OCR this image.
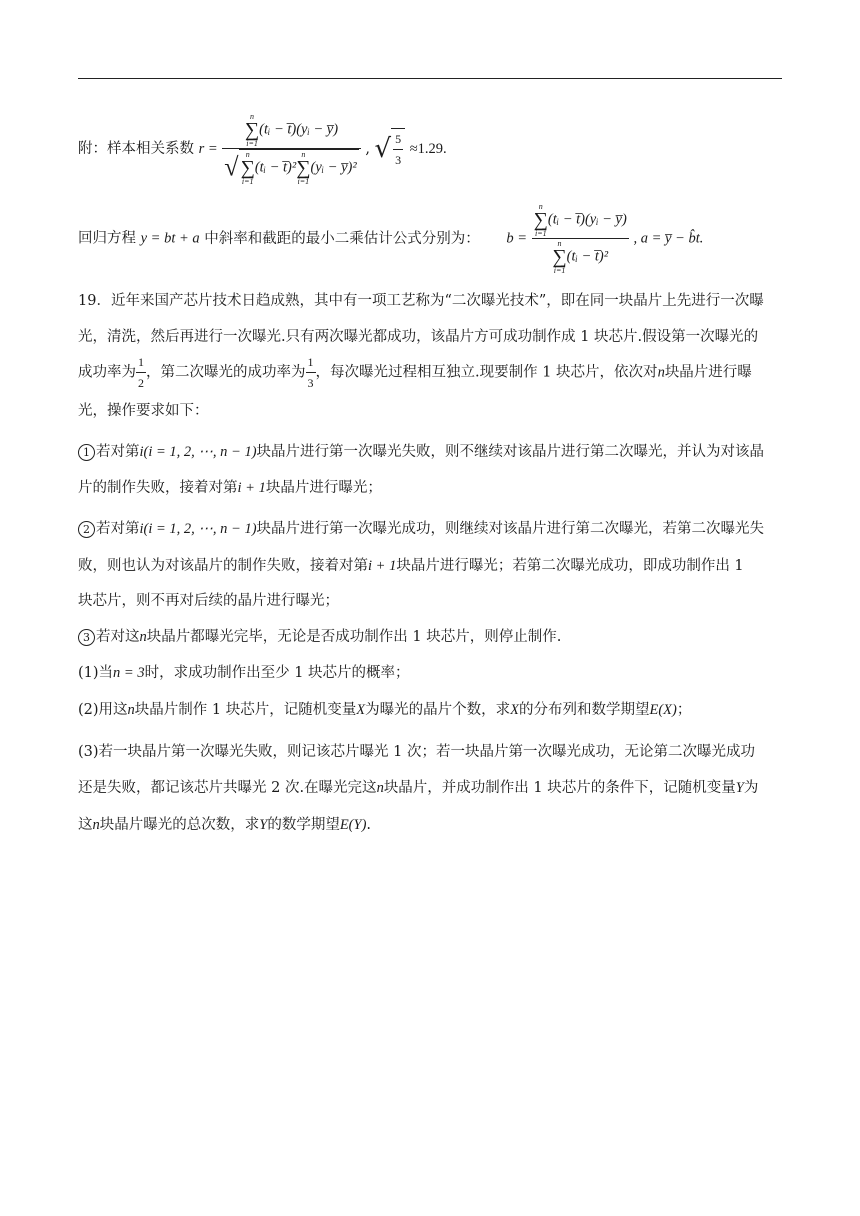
附：样本相关系数 r = n
∑
i=1
(tᵢ − t̅)(yᵢ − y̅)
√ n
∑
i=1
(tᵢ − t̅)²
n
∑
i=1
(yᵢ − y̅)² , √ $\frac{5}{3} \approx 1.29$.
回归方程 y = bt + a 中斜率和截距的最小二乘估计公式分别为： b = n
∑
i=1
(tᵢ − t̅)(yᵢ − y̅)
n
∑
i=1
(tᵢ − t̅)² , a = y̅ − b̂t.
19．近年来国产芯片技术日趋成熟，其中有一项工艺称为“二次曝光技术”，即在同一块晶片上先进行一次曝
光，清洗，然后再进行一次曝光.只有两次曝光都成功，该晶片方可成功制作成 1 块芯片.假设第一次曝光的
成功率为 $\frac{1}{2}$ ，第二次曝光的成功率为 $\frac{1}{3}$ ，每次曝光过程相互独立.现要制作 1 块芯片，依次对n块晶片进行曝
光，操作要求如下：
1 若对第i(i = 1, 2, ⋯, n − 1)块晶片进行第一次曝光失败，则不继续对该晶片进行第二次曝光，并认为对该晶
片的制作失败，接着对第i + 1块晶片进行曝光；
2 若对第i(i = 1, 2, ⋯, n − 1)块晶片进行第一次曝光成功，则继续对该晶片进行第二次曝光，若第二次曝光失
败，则也认为对该晶片的制作失败，接着对第i + 1块晶片进行曝光；若第二次曝光成功，即成功制作出 1
块芯片，则不再对后续的晶片进行曝光；
3 若对这n块晶片都曝光完毕，无论是否成功制作出 1 块芯片，则停止制作.
(1)当n = 3时，求成功制作出至少 1 块芯片的概率；
(2)用这n块晶片制作 1 块芯片，记随机变量X为曝光的晶片个数，求X的分布列和数学期望E(X)；
(3)若一块晶片第一次曝光失败，则记该芯片曝光 1 次；若一块晶片第一次曝光成功，无论第二次曝光成功
还是失败，都记该芯片共曝光 2 次.在曝光完这n块晶片，并成功制作出 1 块芯片的条件下，记随机变量Y为
这n块晶片曝光的总次数，求Y的数学期望E(Y).
